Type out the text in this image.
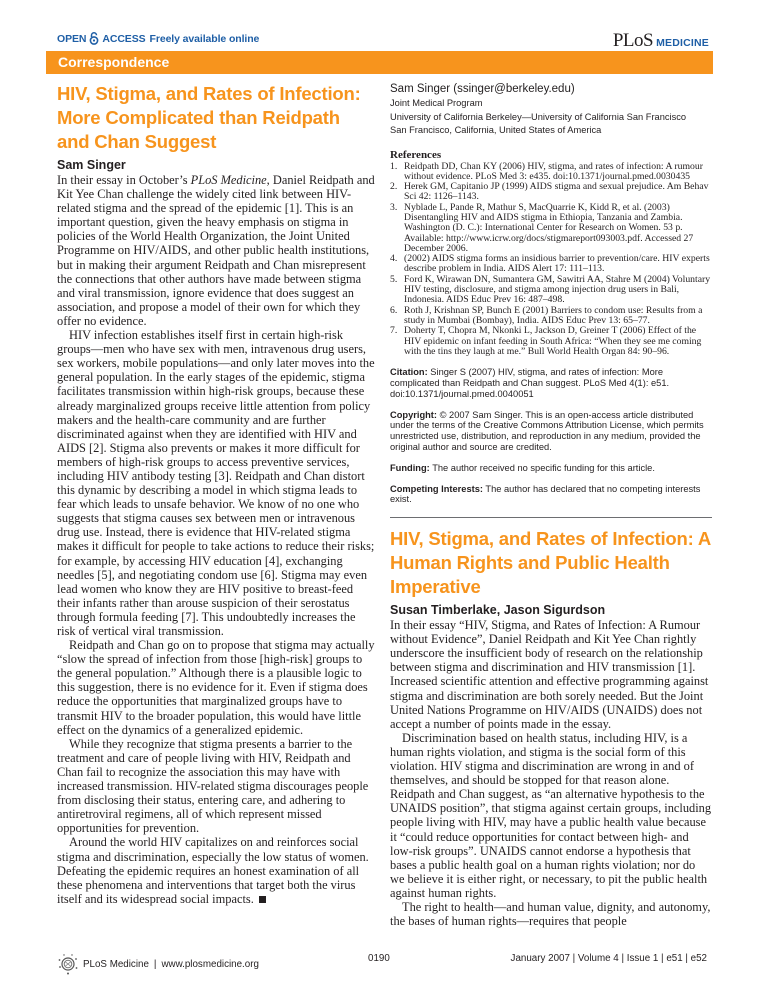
OPEN ACCESS Freely available online	PLoS MEDICINE
Correspondence
HIV, Stigma, and Rates of Infection: More Complicated than Reidpath and Chan Suggest
Sam Singer

In their essay in October’s PLoS Medicine, Daniel Reidpath and Kit Yee Chan challenge the widely cited link between HIV-related stigma and the spread of the epidemic [1]. This is an important question, given the heavy emphasis on stigma in policies of the World Health Organization, the Joint United Programme on HIV/AIDS, and other public health institutions, but in making their argument Reidpath and Chan misrepresent the connections that other authors have made between stigma and viral transmission, ignore evidence that does suggest an association, and propose a model of their own for which they offer no evidence.

HIV infection establishes itself first in certain high-risk groups—men who have sex with men, intravenous drug users, sex workers, mobile populations—and only later moves into the general population. In the early stages of the epidemic, stigma facilitates transmission within high-risk groups, because these already marginalized groups receive little attention from policy makers and the health-care community and are further discriminated against when they are identified with HIV and AIDS [2]. Stigma also prevents or makes it more difficult for members of high-risk groups to access preventive services, including HIV antibody testing [3]. Reidpath and Chan distort this dynamic by describing a model in which stigma leads to fear which leads to unsafe behavior. We know of no one who suggests that stigma causes sex between men or intravenous drug use. Instead, there is evidence that HIV-related stigma makes it difficult for people to take actions to reduce their risks; for example, by accessing HIV education [4], exchanging needles [5], and negotiating condom use [6]. Stigma may even lead women who know they are HIV positive to breast-feed their infants rather than arouse suspicion of their serostatus through formula feeding [7]. This undoubtedly increases the risk of vertical viral transmission.

Reidpath and Chan go on to propose that stigma may actually “slow the spread of infection from those [high-risk] groups to the general population.” Although there is a plausible logic to this suggestion, there is no evidence for it. Even if stigma does reduce the opportunities that marginalized groups have to transmit HIV to the broader population, this would have little effect on the dynamics of a generalized epidemic.

While they recognize that stigma presents a barrier to the treatment and care of people living with HIV, Reidpath and Chan fail to recognize the association this may have with increased transmission. HIV-related stigma discourages people from disclosing their status, entering care, and adhering to antiretroviral regimens, all of which represent missed opportunities for prevention.

Around the world HIV capitalizes on and reinforces social stigma and discrimination, especially the low status of women. Defeating the epidemic requires an honest examination of all these phenomena and interventions that target both the virus itself and its widespread social impacts.

Sam Singer (ssinger@berkeley.edu)
Joint Medical Program
University of California Berkeley—University of California San Francisco
San Francisco, California, United States of America
References
1. Reidpath DD, Chan KY (2006) HIV, stigma, and rates of infection: A rumour without evidence. PLoS Med 3: e435. doi:10.1371/journal.pmed.0030435
2. Herek GM, Capitanio JP (1999) AIDS stigma and sexual prejudice. Am Behav Sci 42: 1126–1143.
3. Nyblade L, Pande R, Mathur S, MacQuarrie K, Kidd R, et al. (2003) Disentangling HIV and AIDS stigma in Ethiopia, Tanzania and Zambia. Washington (D. C.): International Center for Research on Women. 53 p. Available: http://www.icrw.org/docs/stigmareport093003.pdf. Accessed 27 December 2006.
4. (2002) AIDS stigma forms an insidious barrier to prevention/care. HIV experts describe problem in India. AIDS Alert 17: 111–113.
5. Ford K, Wirawan DN, Sumantera GM, Sawitri AA, Stahre M (2004) Voluntary HIV testing, disclosure, and stigma among injection drug users in Bali, Indonesia. AIDS Educ Prev 16: 487–498.
6. Roth J, Krishnan SP, Bunch E (2001) Barriers to condom use: Results from a study in Mumbai (Bombay), India. AIDS Educ Prev 13: 65–77.
7. Doherty T, Chopra M, Nkonki L, Jackson D, Greiner T (2006) Effect of the HIV epidemic on infant feeding in South Africa: “When they see me coming with the tins they laugh at me.” Bull World Health Organ 84: 90–96.
Citation: Singer S (2007) HIV, stigma, and rates of infection: More complicated than Reidpath and Chan suggest. PLoS Med 4(1): e51. doi:10.1371/journal.pmed.0040051
Copyright: © 2007 Sam Singer. This is an open-access article distributed under the terms of the Creative Commons Attribution License, which permits unrestricted use, distribution, and reproduction in any medium, provided the original author and source are credited.
Funding: The author received no specific funding for this article.
Competing Interests: The author has declared that no competing interests exist.
HIV, Stigma, and Rates of Infection: A Human Rights and Public Health Imperative
Susan Timberlake, Jason Sigurdson

In their essay “HIV, Stigma, and Rates of Infection: A Rumour without Evidence”, Daniel Reidpath and Kit Yee Chan rightly underscore the insufficient body of research on the relationship between stigma and discrimination and HIV transmission [1]. Increased scientific attention and effective programming against stigma and discrimination are both sorely needed. But the Joint United Nations Programme on HIV/AIDS (UNAIDS) does not accept a number of points made in the essay.

Discrimination based on health status, including HIV, is a human rights violation, and stigma is the social form of this violation. HIV stigma and discrimination are wrong in and of themselves, and should be stopped for that reason alone. Reidpath and Chan suggest, as “an alternative hypothesis to the UNAIDS position”, that stigma against certain groups, including people living with HIV, may have a public health value because it “could reduce opportunities for contact between high- and low-risk groups”. UNAIDS cannot endorse a hypothesis that bases a public health goal on a human rights violation; nor do we believe it is either right, or necessary, to pit the public health against human rights.

The right to health—and human value, dignity, and autonomy, the bases of human rights—requires that people

PLoS Medicine | www.plosmedicine.org	0190	January 2007 | Volume 4 | Issue 1 | e51 | e52
